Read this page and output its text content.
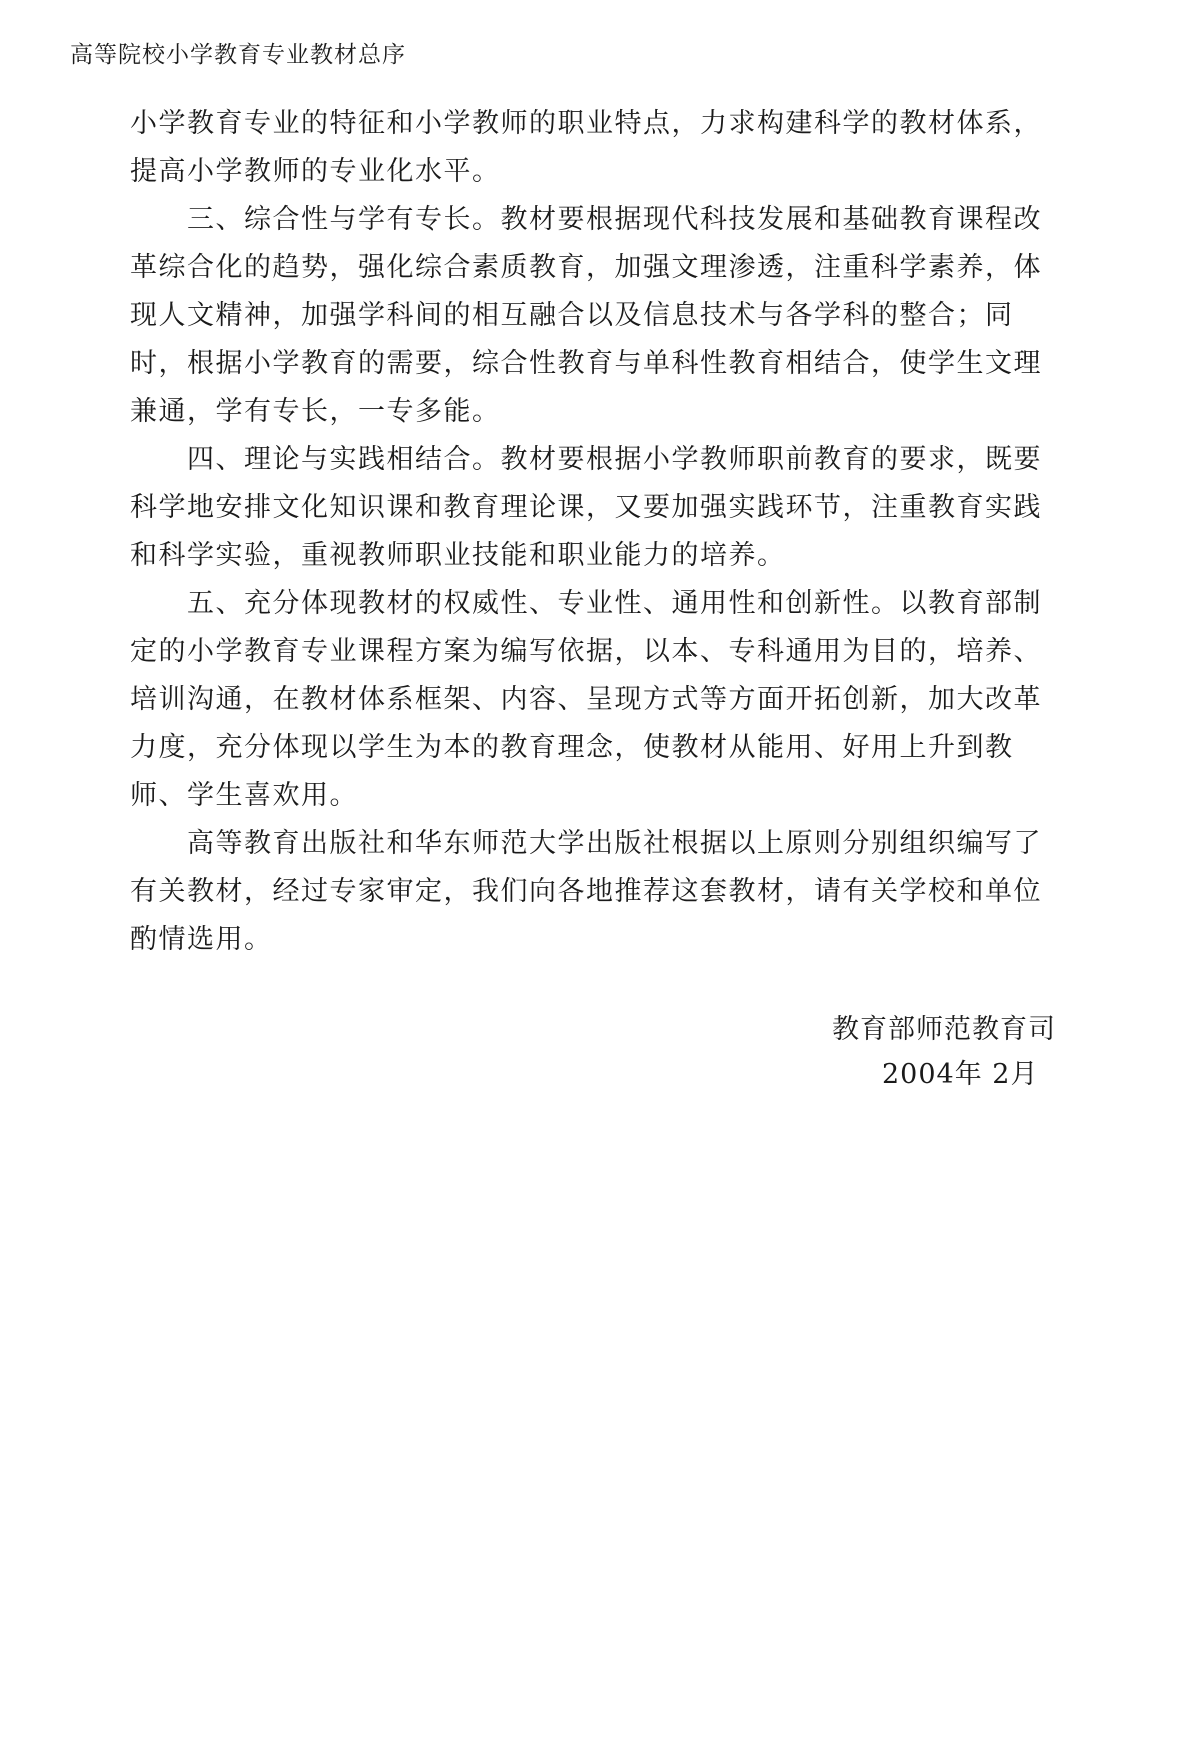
高等院校小学教育专业教材总序
小学教育专业的特征和小学教师的职业特点，力求构建科学的教材体系，
提高小学教师的专业化水平。
　　三、综合性与学有专长。教材要根据现代科技发展和基础教育课程改
革综合化的趋势，强化综合素质教育，加强文理渗透，注重科学素养，体
现人文精神，加强学科间的相互融合以及信息技术与各学科的整合；同
时，根据小学教育的需要，综合性教育与单科性教育相结合，使学生文理
兼通，学有专长，一专多能。
　　四、理论与实践相结合。教材要根据小学教师职前教育的要求，既要
科学地安排文化知识课和教育理论课，又要加强实践环节，注重教育实践
和科学实验，重视教师职业技能和职业能力的培养。
　　五、充分体现教材的权威性、专业性、通用性和创新性。以教育部制
定的小学教育专业课程方案为编写依据，以本、专科通用为目的，培养、
培训沟通，在教材体系框架、内容、呈现方式等方面开拓创新，加大改革
力度，充分体现以学生为本的教育理念，使教材从能用、好用上升到教
师、学生喜欢用。
　　高等教育出版社和华东师范大学出版社根据以上原则分别组织编写了
有关教材，经过专家审定，我们向各地推荐这套教材，请有关学校和单位
酌情选用。
教育部师范教育司
2004年 2月
